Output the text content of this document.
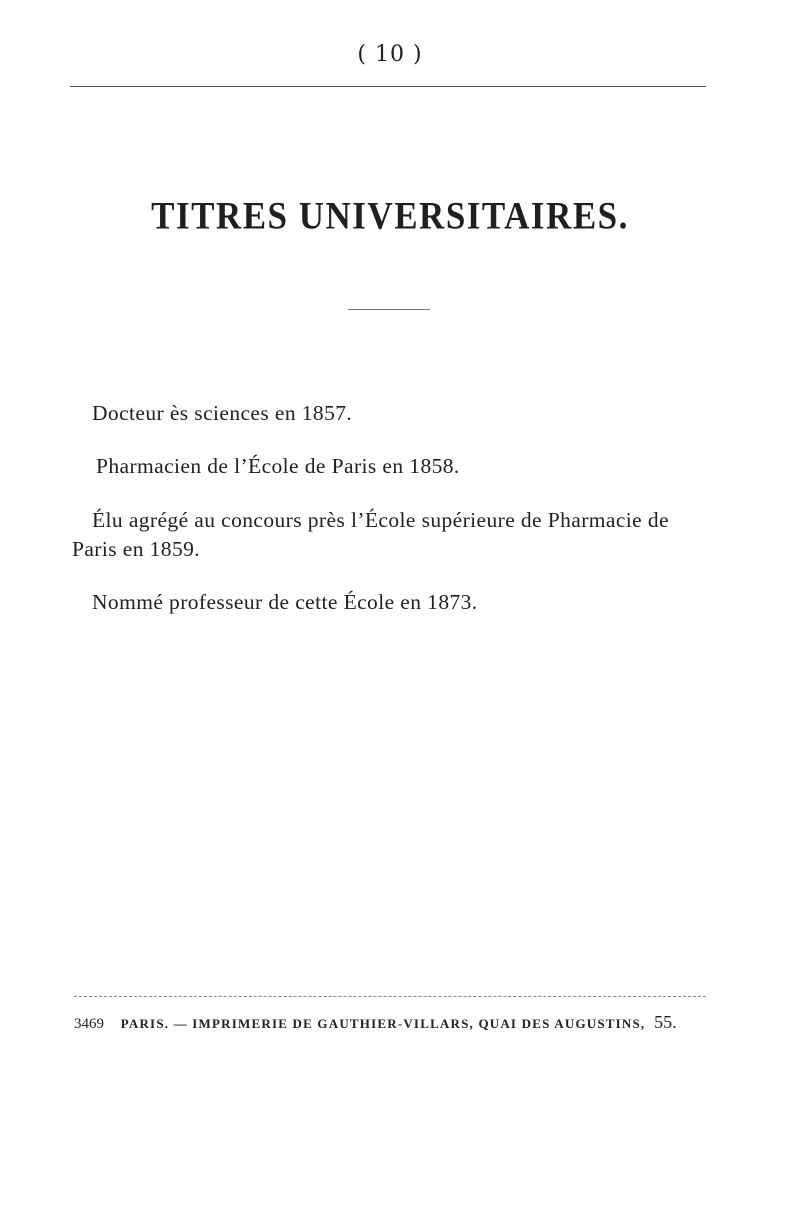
( 10 )
TITRES UNIVERSITAIRES.
Docteur ès sciences en 1857.
Pharmacien de l’École de Paris en 1858.
Élu agrégé au concours près l’École supérieure de Pharmacie de
Paris en 1859.
Nommé professeur de cette École en 1873.
3469 PARIS. — IMPRIMERIE DE GAUTHIER-VILLARS, QUAI DES AUGUSTINS, 55.
